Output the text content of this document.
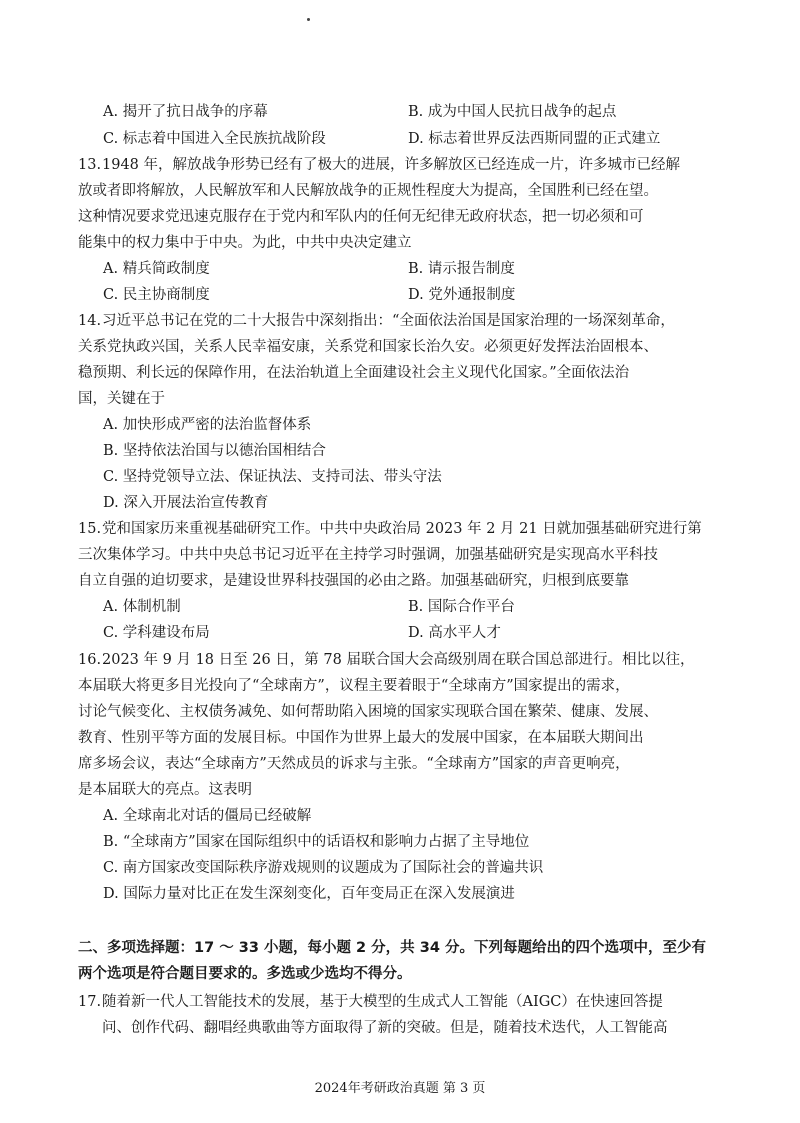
A. 揭开了抗日战争的序幕	B. 成为中国人民抗日战争的起点
C. 标志着中国进入全民族抗战阶段	D. 标志着世界反法西斯同盟的正式建立
13. 1948 年，解放战争形势已经有了极大的进展，许多解放区已经连成一片，许多城市已经解
放或者即将解放，人民解放军和人民解放战争的正规性程度大为提高，全国胜利已经在望。
这种情况要求党迅速克服存在于党内和军队内的任何无纪律无政府状态，把一切必须和可
能集中的权力集中于中央。为此，中共中央决定建立
A. 精兵简政制度	B. 请示报告制度
C. 民主协商制度	D. 党外通报制度
14. 习近平总书记在党的二十大报告中深刻指出：“全面依法治国是国家治理的一场深刻革命，
关系党执政兴国，关系人民幸福安康，关系党和国家长治久安。必须更好发挥法治固根本、
稳预期、利长远的保障作用，在法治轨道上全面建设社会主义现代化国家。”全面依法治
国，关键在于
A. 加快形成严密的法治监督体系
B. 坚持依法治国与以德治国相结合
C. 坚持党领导立法、保证执法、支持司法、带头守法
D. 深入开展法治宣传教育
15. 党和国家历来重视基础研究工作。中共中央政治局 2023 年 2 月 21 日就加强基础研究进行第
三次集体学习。中共中央总书记习近平在主持学习时强调，加强基础研究是实现高水平科技
自立自强的迫切要求，是建设世界科技强国的必由之路。加强基础研究，归根到底要靠
A. 体制机制	B. 国际合作平台
C. 学科建设布局	D. 高水平人才
16. 2023 年 9 月 18 日至 26 日，第 78 届联合国大会高级别周在联合国总部进行。相比以往，
本届联大将更多目光投向了“全球南方”，议程主要着眼于“全球南方”国家提出的需求，
讨论气候变化、主权债务减免、如何帮助陷入困境的国家实现联合国在繁荣、健康、发展、
教育、性别平等方面的发展目标。中国作为世界上最大的发展中国家，在本届联大期间出
席多场会议，表达“全球南方”天然成员的诉求与主张。“全球南方”国家的声音更响亮，
是本届联大的亮点。这表明
A. 全球南北对话的僵局已经破解
B. “全球南方”国家在国际组织中的话语权和影响力占据了主导地位
C. 南方国家改变国际秩序游戏规则的议题成为了国际社会的普遍共识
D. 国际力量对比正在发生深刻变化，百年变局正在深入发展演进
二、多项选择题：17 ～ 33 小题，每小题 2 分，共 34 分。下列每题给出的四个选项中，至少有
两个选项是符合题目要求的。多选或少选均不得分。
17. 随着新一代人工智能技术的发展，基于大模型的生成式人工智能（AIGC）在快速回答提
问、创作代码、翻唱经典歌曲等方面取得了新的突破。但是，随着技术迭代，人工智能高
2024年考研政治真题 第 3 页
